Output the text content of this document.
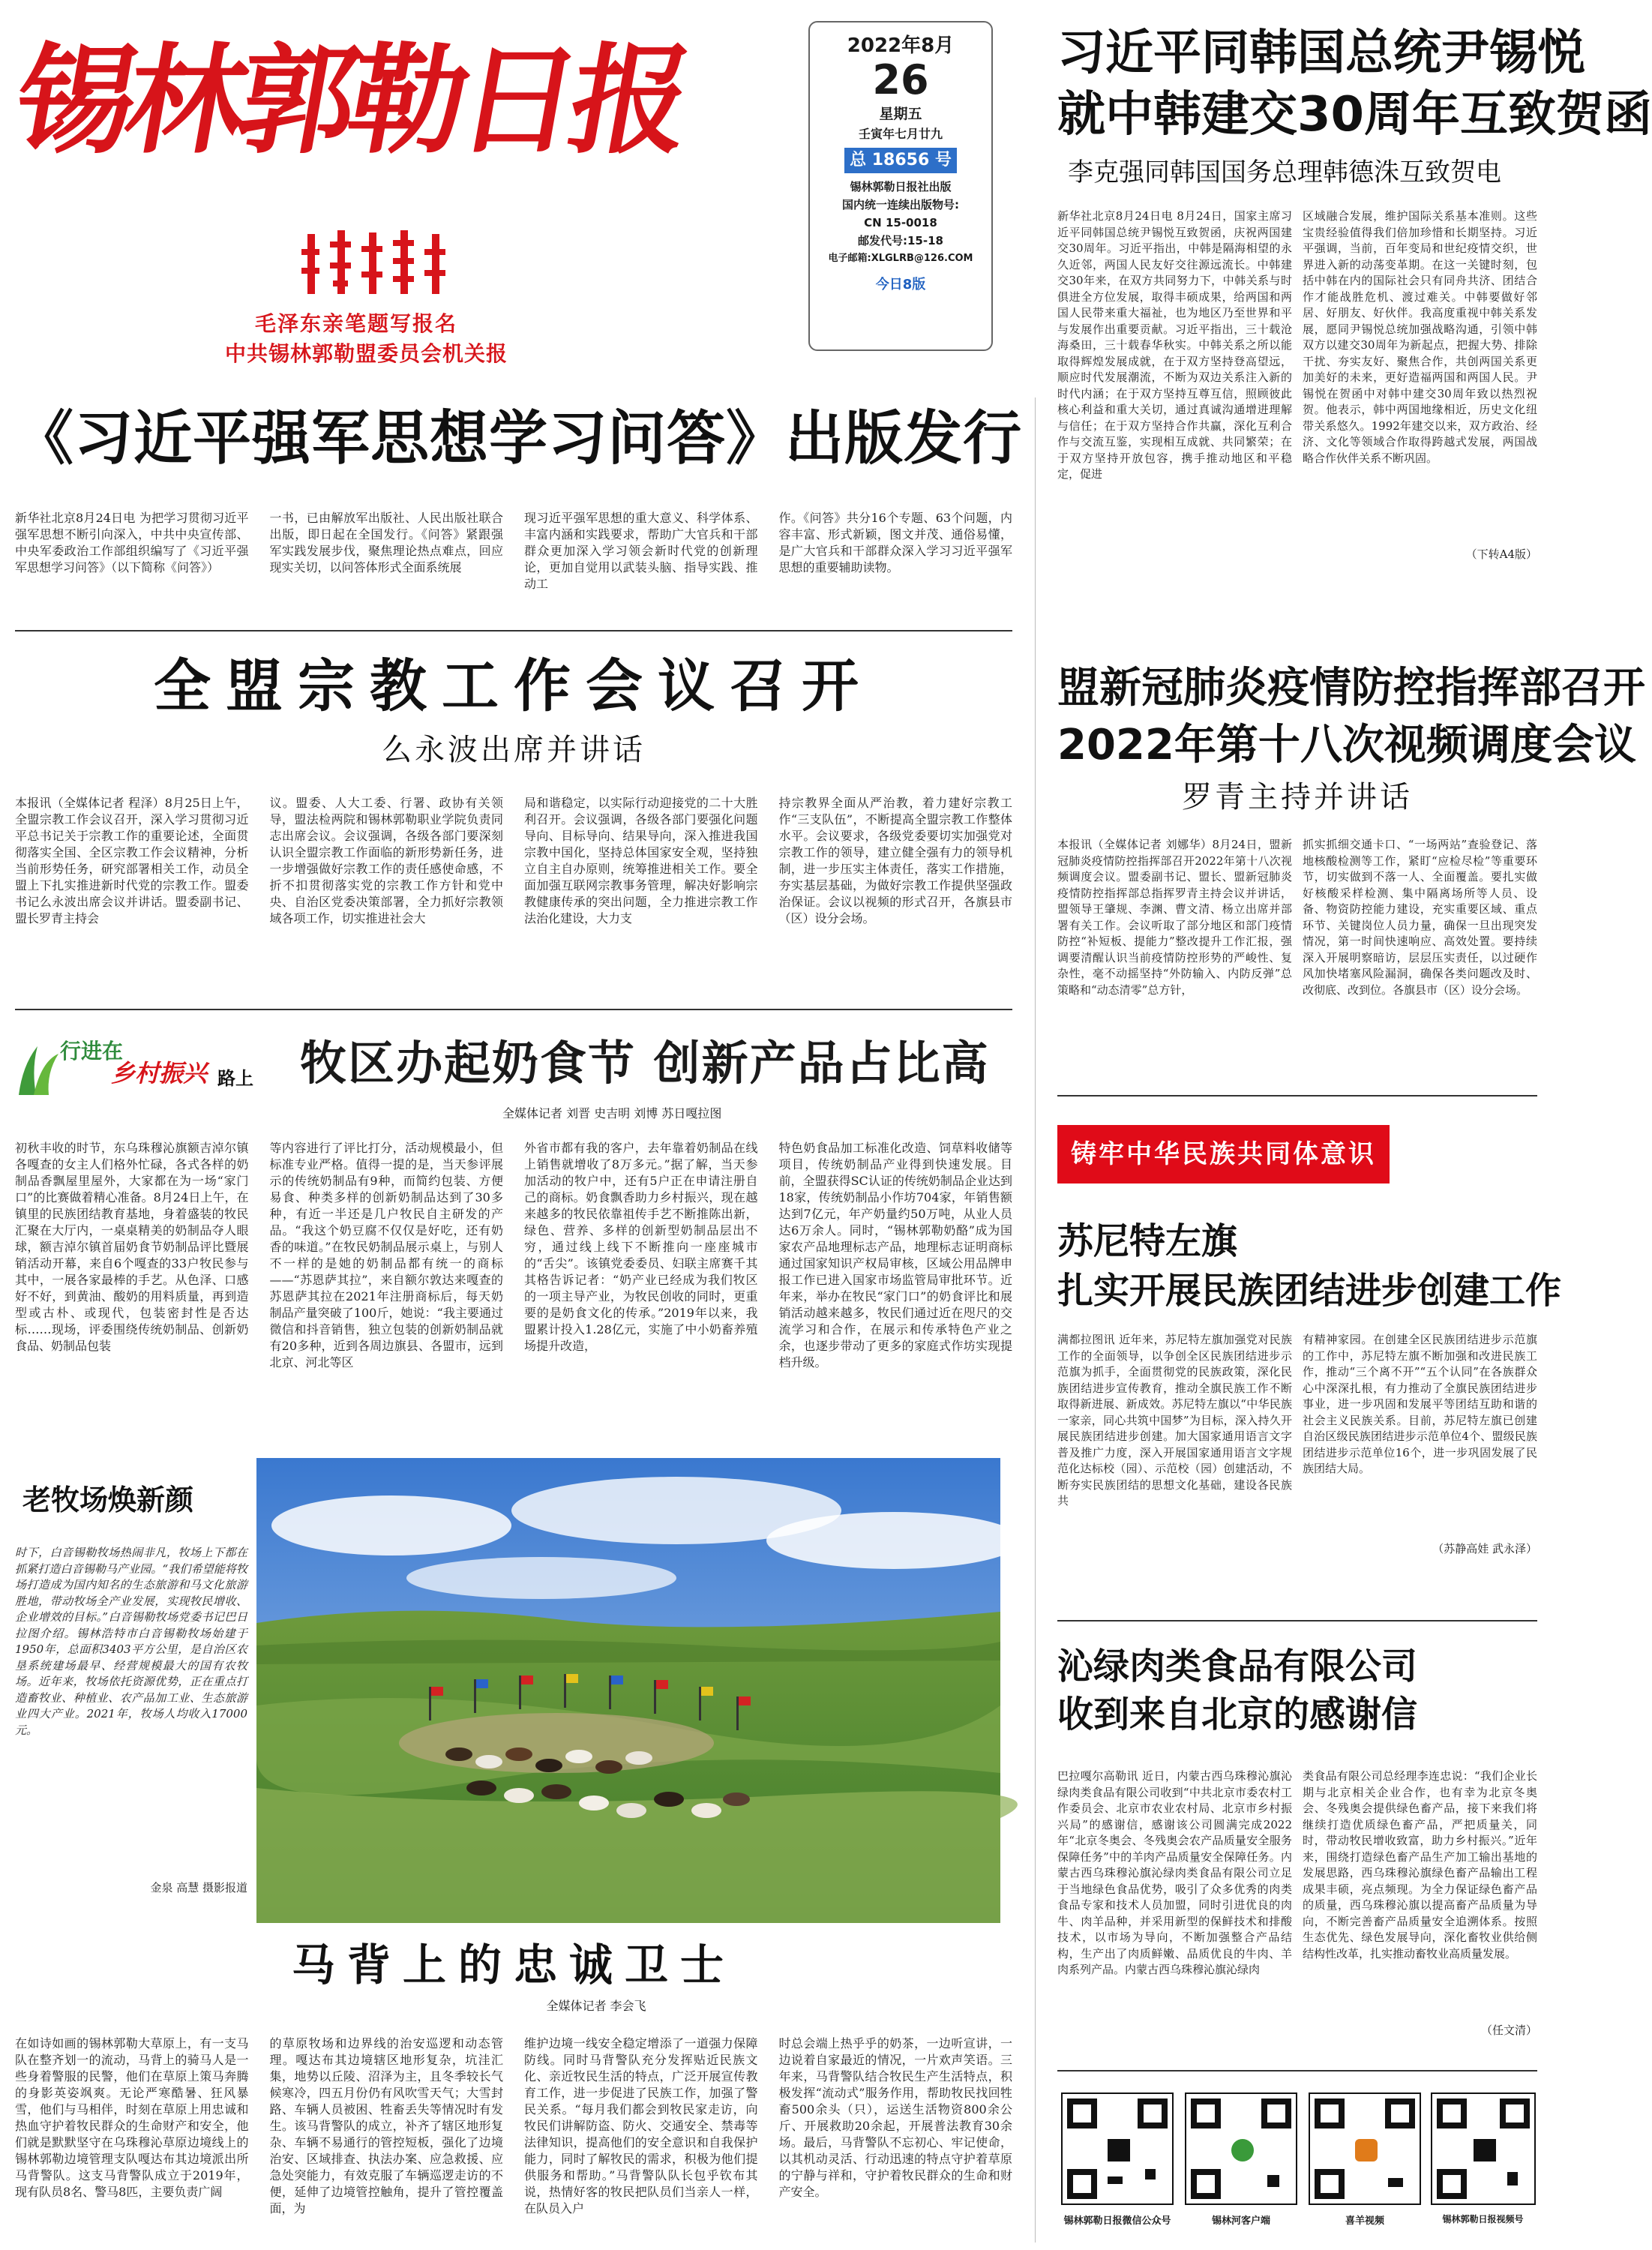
锡林郭勒日报
毛泽东亲笔题写报名
中共锡林郭勒盟委员会机关报
2022年8月
26
星期五
壬寅年七月廿九
总 18656 号
锡林郭勒日报社出版
国内统一连续出版物号:
CN 15-0018
邮发代号:15-18
电子邮箱:XLGLRB@126.COM
今日8版
习近平同韩国总统尹锡悦
就中韩建交30周年互致贺函
李克强同韩国国务总理韩德洙互致贺电
新华社北京8月24日电 8月24日，国家主席习近平同韩国总统尹锡悦互致贺函，庆祝两国建交30周年。习近平指出，中韩是隔海相望的永久近邻，两国人民友好交往源远流长。中韩建交30年来，在双方共同努力下，中韩关系与时俱进全方位发展，取得丰硕成果，给两国和两国人民带来重大福祉，也为地区乃至世界和平与发展作出重要贡献。习近平指出，三十载沧海桑田，三十载春华秋实。中韩关系之所以能取得辉煌发展成就，在于双方坚持登高望远，顺应时代发展潮流，不断为双边关系注入新的时代内涵；在于双方坚持互尊互信，照顾彼此核心利益和重大关切，通过真诚沟通增进理解与信任；在于双方坚持合作共赢，深化互利合作与交流互鉴，实现相互成就、共同繁荣；在于双方坚持开放包容，携手推动地区和平稳定，促进
区域融合发展，维护国际关系基本准则。这些宝贵经验值得我们倍加珍惜和长期坚持。习近平强调，当前，百年变局和世纪疫情交织，世界进入新的动荡变革期。在这一关键时刻，包括中韩在内的国际社会只有同舟共济、团结合作才能战胜危机、渡过难关。中韩要做好邻居、好朋友、好伙伴。我高度重视中韩关系发展，愿同尹锡悦总统加强战略沟通，引领中韩双方以建交30周年为新起点，把握大势、排除干扰、夯实友好、聚焦合作，共创两国关系更加美好的未来，更好造福两国和两国人民。尹锡悦在贺函中对韩中建交30周年致以热烈祝贺。他表示，韩中两国地缘相近，历史文化纽带关系悠久。1992年建交以来，双方政治、经济、文化等领域合作取得跨越式发展，两国战略合作伙伴关系不断巩固。
（下转A4版）
《习近平强军思想学习问答》出版发行
新华社北京8月24日电 为把学习贯彻习近平强军思想不断引向深入，中共中央宣传部、中央军委政治工作部组织编写了《习近平强军思想学习问答》（以下简称《问答》）
一书，已由解放军出版社、人民出版社联合出版，即日起在全国发行。《问答》紧跟强军实践发展步伐，聚焦理论热点难点，回应现实关切，以问答体形式全面系统展
现习近平强军思想的重大意义、科学体系、丰富内涵和实践要求，帮助广大官兵和干部群众更加深入学习领会新时代党的创新理论，更加自觉用以武装头脑、指导实践、推动工
作。《问答》共分16个专题、63个问题，内容丰富、形式新颖，图文并茂、通俗易懂，是广大官兵和干部群众深入学习习近平强军思想的重要辅助读物。
全盟宗教工作会议召开
么永波出席并讲话
本报讯（全媒体记者 程泽）8月25日上午，全盟宗教工作会议召开，深入学习贯彻习近平总书记关于宗教工作的重要论述，全面贯彻落实全国、全区宗教工作会议精神，分析当前形势任务，研究部署相关工作，动员全盟上下扎实推进新时代党的宗教工作。盟委书记么永波出席会议并讲话。盟委副书记、盟长罗青主持会
议。盟委、人大工委、行署、政协有关领导，盟法检两院和锡林郭勒职业学院负责同志出席会议。会议强调，各级各部门要深刻认识全盟宗教工作面临的新形势新任务，进一步增强做好宗教工作的责任感使命感，不折不扣贯彻落实党的宗教工作方针和党中央、自治区党委决策部署，全力抓好宗教领域各项工作，切实推进社会大
局和谐稳定，以实际行动迎接党的二十大胜利召开。会议强调，各级各部门要强化问题导向、目标导向、结果导向，深入推进我国宗教中国化，坚持总体国家安全观，坚持独立自主自办原则，统筹推进相关工作。要全面加强互联网宗教事务管理，解决好影响宗教健康传承的突出问题，全力推进宗教工作法治化建设，大力支
持宗教界全面从严治教，着力建好宗教工作“三支队伍”，不断提高全盟宗教工作整体水平。会议要求，各级党委要切实加强党对宗教工作的领导，建立健全强有力的领导机制，进一步压实主体责任，落实工作措施，夯实基层基础，为做好宗教工作提供坚强政治保证。会议以视频的形式召开，各旗县市（区）设分会场。
盟新冠肺炎疫情防控指挥部召开
2022年第十八次视频调度会议
罗青主持并讲话
本报讯（全媒体记者 刘娜华）8月24日，盟新冠肺炎疫情防控指挥部召开2022年第十八次视频调度会议。盟委副书记、盟长、盟新冠肺炎疫情防控指挥部总指挥罗青主持会议并讲话，盟领导王肇规、李渊、曹文清、杨立出席并部署有关工作。会议听取了部分地区和部门疫情防控“补短板、提能力”整改提升工作汇报，强调要清醒认识当前疫情防控形势的严峻性、复杂性，毫不动摇坚持“外防输入、内防反弹”总策略和“动态清零”总方针，
抓实抓细交通卡口、“一场两站”查验登记、落地核酸检测等工作，紧盯“应检尽检”等重要环节，切实做到不落一人、全面覆盖。要扎实做好核酸采样检测、集中隔离场所等人员、设备、物资防控能力建设，充实重要区域、重点环节、关键岗位人员力量，确保一旦出现突发情况，第一时间快速响应、高效处置。要持续深入开展明察暗访，层层压实责任，以过硬作风加快堵塞风险漏洞，确保各类问题改及时、改彻底、改到位。各旗县市（区）设分会场。
铸牢中华民族共同体意识
苏尼特左旗
扎实开展民族团结进步创建工作
满都拉图讯 近年来，苏尼特左旗加强党对民族工作的全面领导，以争创全区民族团结进步示范旗为抓手，全面贯彻党的民族政策，深化民族团结进步宣传教育，推动全旗民族工作不断取得新进展、新成效。苏尼特左旗以“中华民族一家亲，同心共筑中国梦”为目标，深入持久开展民族团结进步创建。加大国家通用语言文字普及推广力度，深入开展国家通用语言文字规范化达标校（园）、示范校（园）创建活动，不断夯实民族团结的思想文化基础，建设各民族共
有精神家园。在创建全区民族团结进步示范旗的工作中，苏尼特左旗不断加强和改进民族工作，推动“三个离不开”“五个认同”在各族群众心中深深扎根，有力推动了全旗民族团结进步事业，进一步巩固和发展平等团结互助和谐的社会主义民族关系。目前，苏尼特左旗已创建自治区级民族团结进步示范单位4个、盟级民族团结进步示范单位16个，进一步巩固发展了民族团结大局。
（苏静高娃 武永泽）
行进在
乡村振兴 路上 牧区办起奶食节 创新产品占比高
全媒体记者 刘晋 史吉明 刘博 苏日嘎拉图
初秋丰收的时节，东乌珠穆沁旗额吉淖尔镇各嘎查的女主人们格外忙碌，各式各样的奶制品香飘屋里屋外，大家都在为一场“家门口”的比赛做着精心准备。8月24日上午，在镇里的民族团结教育基地，身着盛装的牧民汇聚在大厅内，一桌桌精美的奶制品夺人眼球，额吉淖尔镇首届奶食节奶制品评比暨展销活动开幕，来自6个嘎查的33户牧民参与其中，一展各家最棒的手艺。从色泽、口感好不好，到黄油、酸奶的用料质量，再到造型或古朴、或现代，包装密封性是否达标……现场，评委围绕传统奶制品、创新奶食品、奶制品包装
等内容进行了评比打分，活动规模最小，但标准专业严格。值得一提的是，当天参评展示的传统奶制品有9种，而简约包装、方便易食、种类多样的创新奶制品达到了30多种，有近一半还是几户牧民自主研发的产品。“我这个奶豆腐不仅仅是好吃，还有奶香的味道。”在牧民奶制品展示桌上，与别人不一样的是她的奶制品都有统一的商标——“苏恩萨其拉”，来自额尔敦达来嘎查的苏恩萨其拉在2021年注册商标后，每天奶制品产量突破了100斤，她说：“我主要通过微信和抖音销售，独立包装的创新奶制品就有20多种，近到各周边旗县、各盟市，远到北京、河北等区
外省市都有我的客户，去年靠着奶制品在线上销售就增收了8万多元。”据了解，当天参加活动的牧户中，还有5户正在申请注册自己的商标。奶食飘香助力乡村振兴，现在越来越多的牧民依靠祖传手艺不断推陈出新，绿色、营养、多样的创新型奶制品层出不穷，通过线上线下不断推向一座座城市的“舌尖”。该镇党委委员、妇联主席赛千其其格告诉记者：“奶产业已经成为我们牧区的一项主导产业，为牧民创收的同时，更重要的是奶食文化的传承。”2019年以来，我盟累计投入1.28亿元，实施了中小奶畜养殖场提升改造，
特色奶食品加工标准化改造、饲草料收储等项目，传统奶制品产业得到快速发展。目前，全盟获得SC认证的传统奶制品企业达到18家，传统奶制品小作坊704家，年销售额达到7亿元，年产奶量约50万吨，从业人员达6万余人。同时，“锡林郭勒奶酪”成为国家农产品地理标志产品，地理标志证明商标通过国家知识产权局审核，区域公用品牌申报工作已进入国家市场监管局审批环节。近年来，举办在牧民“家门口”的奶食评比和展销活动越来越多，牧民们通过近在咫尺的交流学习和合作，在展示和传承特色产业之余，也逐步带动了更多的家庭式作坊实现提档升级。
老牧场焕新颜
时下，白音锡勒牧场热闹非凡，牧场上下都在抓紧打造白音锡勒马产业园。“我们希望能将牧场打造成为国内知名的生态旅游和马文化旅游胜地，带动牧场全产业发展，实现牧民增收、企业增效的目标。”白音锡勒牧场党委书记巴日拉图介绍。锡林浩特市白音锡勒牧场始建于1950年，总面积3403平方公里，是自治区农垦系统建场最早、经营规模最大的国有农牧场。近年来，牧场依托资源优势，正在重点打造畜牧业、种植业、农产品加工业、生态旅游业四大产业。2021年，牧场人均收入17000元。
金泉 高慧 摄影报道
马背上的忠诚卫士
全媒体记者 李会飞
在如诗如画的锡林郭勒大草原上，有一支马队在整齐划一的流动，马背上的骑马人是一些身着警服的民警，他们在草原上策马奔腾的身影英姿飒爽。无论严寒酷暑、狂风暴雪，他们与马相伴，时刻在草原上用忠诚和热血守护着牧民群众的生命财产和安全，他们就是默默坚守在乌珠穆沁草原边境线上的锡林郭勒边境管理支队嘎达布其边境派出所马背警队。这支马背警队成立于2019年，现有队员8名、警马8匹，主要负责广阔
的草原牧场和边界线的治安巡逻和动态管理。嘎达布其边境辖区地形复杂，坑洼汇集，地势以丘陵、沼泽为主，且冬季较长气候寒冷，四五月份仍有风吹雪天气；大雪封路、车辆人员被困、牲畜丢失等情况时有发生。该马背警队的成立，补齐了辖区地形复杂、车辆不易通行的管控短板，强化了边境治安、区域排查、执法办案、应急救援、应急处突能力，有效克服了车辆巡逻走访的不便，延伸了边境管控触角，提升了管控覆盖面，为
维护边境一线安全稳定增添了一道强力保障防线。同时马背警队充分发挥贴近民族文化、亲近牧民生活的特点，广泛开展宣传教育工作，进一步促进了民族工作，加强了警民关系。“每月我们都会到牧民家走访，向牧民们讲解防盗、防火、交通安全、禁毒等法律知识，提高他们的安全意识和自我保护能力，同时了解牧民的需求，积极为他们提供服务和帮助。”马背警队队长包乎钦布其说，热情好客的牧民把队员们当亲人一样，在队员入户
时总会端上热乎乎的奶茶，一边听宣讲，一边说着自家最近的情况，一片欢声笑语。三年来，马背警队结合牧民生产生活特点，积极发挥“流动式”服务作用，帮助牧民找回牲畜500余头（只），运送生活物资800余公斤、开展救助20余起，开展普法教育30余场。最后，马背警队不忘初心、牢记使命，以其机动灵活、行动迅速的特点守护着草原的宁静与祥和，守护着牧民群众的生命和财产安全。
沁绿肉类食品有限公司
收到来自北京的感谢信
巴拉嘎尔高勒讯 近日，内蒙古西乌珠穆沁旗沁绿肉类食品有限公司收到“中共北京市委农村工作委员会、北京市农业农村局、北京市乡村振兴局”的感谢信，感谢该公司圆满完成2022年“北京冬奥会、冬残奥会农产品质量安全服务保障任务”中的羊肉产品质量安全保障任务。内蒙古西乌珠穆沁旗沁绿肉类食品有限公司立足于当地绿色食品优势，吸引了众多优秀的肉类食品专家和技术人员加盟，同时引进优良的肉牛、肉羊品种，并采用新型的保鲜技术和排酸技术，以市场为导向，不断加强整合产品结构，生产出了肉质鲜嫩、品质优良的牛肉、羊肉系列产品。内蒙古西乌珠穆沁旗沁绿肉
类食品有限公司总经理李连忠说：“我们企业长期与北京相关企业合作，也有幸为北京冬奥会、冬残奥会提供绿色畜产品，接下来我们将继续打造优质绿色畜产品，严把质量关，同时，带动牧民增收致富，助力乡村振兴。”近年来，围绕打造绿色畜产品生产加工输出基地的发展思路，西乌珠穆沁旗绿色畜产品输出工程成果丰硕，亮点频现。为全力保证绿色畜产品的质量，西乌珠穆沁旗以提高畜产品质量为导向，不断完善畜产品质量安全追溯体系。按照生态优先、绿色发展导向，深化畜牧业供给侧结构性改革，扎实推动畜牧业高质量发展。
（任文清）
锡林郭勒日报微信公众号	锡林河客户端	喜羊视频	锡林郭勒日报视频号
